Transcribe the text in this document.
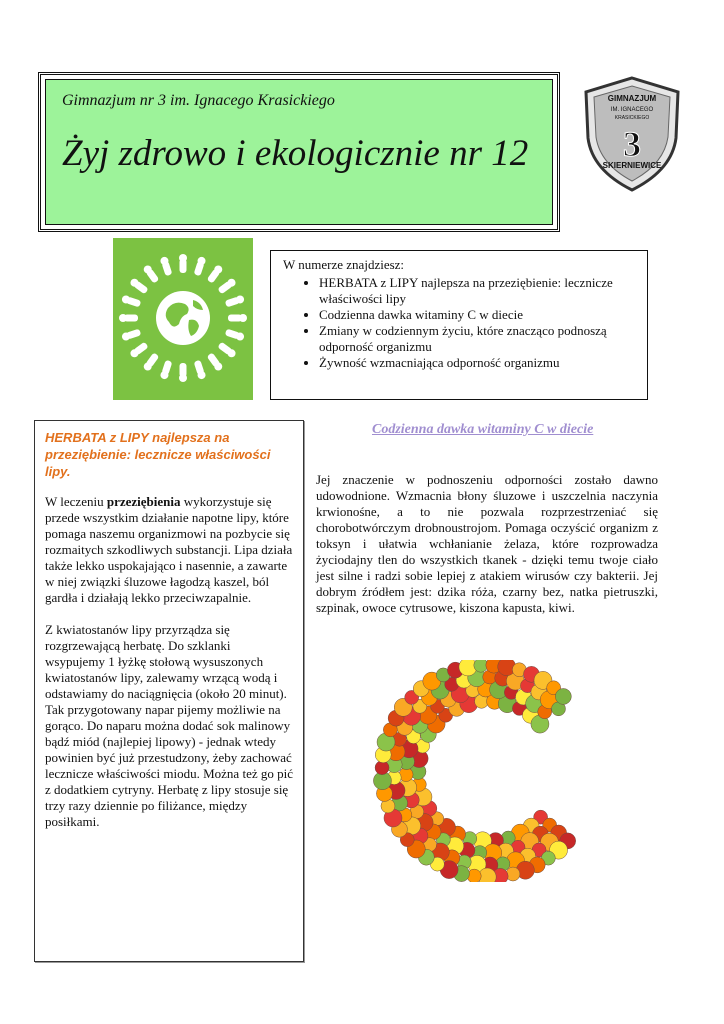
Gimnazjum nr 3 im. Ignacego Krasickiego
Żyj zdrowo i ekologicznie nr 12
GIMNAZJUM
IM. IGNACEGO
KRASICKIEGO
3
SKIERNIEWICE
W numerze znajdziesz:
• HERBATA z LIPY najlepsza na przeziębienie: lecznicze właściwości lipy
• Codzienna dawka witaminy C w diecie
• Zmiany w codziennym życiu, które znacząco podnoszą odporność organizmu
• Żywność wzmacniająca odporność organizmu
HERBATA z LIPY najlepsza na przeziębienie: lecznicze właściwości lipy.

W leczeniu przeziębienia wykorzystuje się przede wszystkim działanie napotne lipy, które pomaga naszemu organizmowi na pozbycie się rozmaitych szkodliwych substancji. Lipa działa także lekko uspokajająco i nasennie, a zawarte w niej związki śluzowe łagodzą kaszel, ból gardła i działają lekko przeciwzapalnie.

Z kwiatostanów lipy przyrządza się rozgrzewającą herbatę. Do szklanki wsypujemy 1 łyżkę stołową wysuszonych kwiatostanów lipy, zalewamy wrzącą wodą i odstawiamy do naciągnięcia (około 20 minut). Tak przygotowany napar pijemy możliwie na gorąco. Do naparu można dodać sok malinowy bądź miód (najlepiej lipowy) - jednak wtedy powinien być już przestudzony, żeby zachować lecznicze właściwości miodu. Można też go pić z dodatkiem cytryny. Herbatę z lipy stosuje się trzy razy dziennie po filiżance, między posiłkami.

Codzienna dawka witaminy C w diecie

Jej znaczenie w podnoszeniu odporności zostało dawno udowodnione. Wzmacnia błony śluzowe i uszczelnia naczynia krwionośne, a to nie pozwala rozprzestrzeniać się chorobotwórczym drobnoustrojom. Pomaga oczyścić organizm z toksyn i ułatwia wchłanianie żelaza, które rozprowadza życiodajny tlen do wszystkich tkanek - dzięki temu twoje ciało jest silne i radzi sobie lepiej z atakiem wirusów czy bakterii. Jej dobrym źródłem jest: dzika róża, czarny bez, natka pietruszki, szpinak, owoce cytrusowe, kiszona kapusta, kiwi.
